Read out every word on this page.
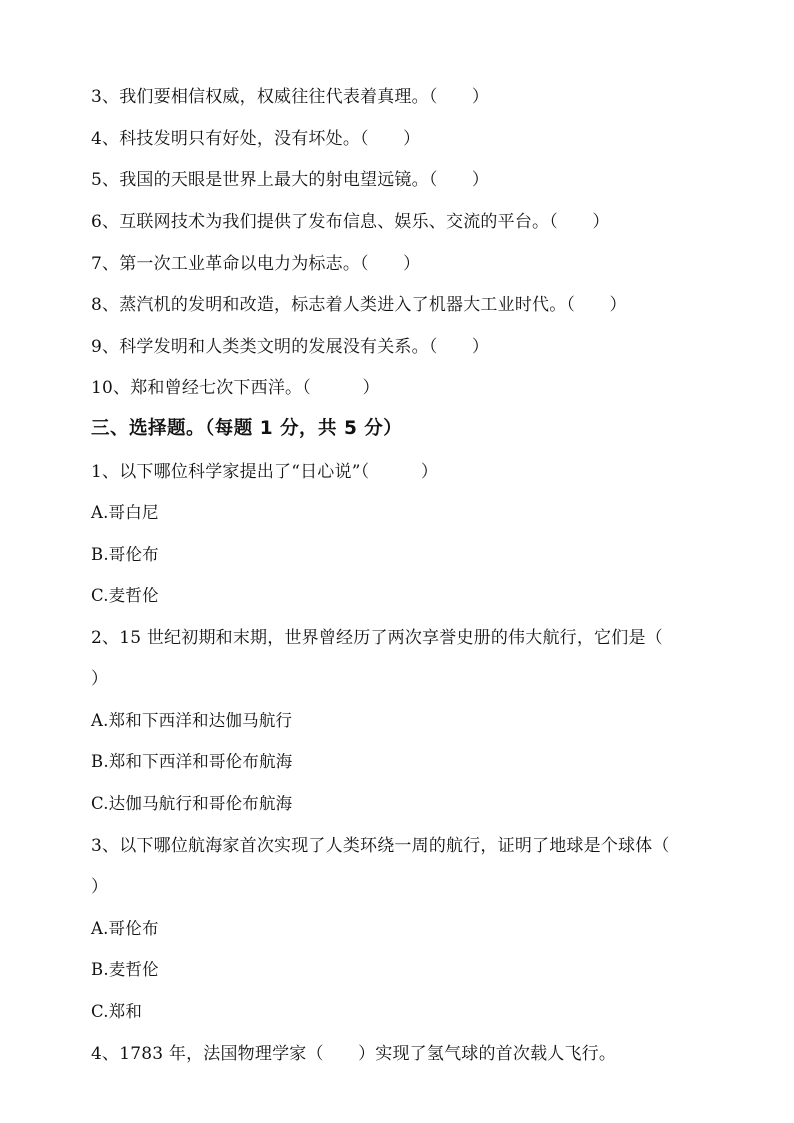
3、我们要相信权威，权威往往代表着真理。（　　）
4、科技发明只有好处，没有坏处。（　　）
5、我国的天眼是世界上最大的射电望远镜。（　　）
6、互联网技术为我们提供了发布信息、娱乐、交流的平台。（　　）
7、第一次工业革命以电力为标志。（　　）
8、蒸汽机的发明和改造，标志着人类进入了机器大工业时代。（　　）
9、科学发明和人类类文明的发展没有关系。（　　）
10、郑和曾经七次下西洋。（　　　）
三、选择题。（每题 1 分，共 5 分）
1、以下哪位科学家提出了“日心说”（　　　）
A.哥白尼
B.哥伦布
C.麦哲伦
2、15 世纪初期和末期，世界曾经历了两次享誉史册的伟大航行，它们是（
）
A.郑和下西洋和达伽马航行
B.郑和下西洋和哥伦布航海
C.达伽马航行和哥伦布航海
3、以下哪位航海家首次实现了人类环绕一周的航行，证明了地球是个球体（
）
A.哥伦布
B.麦哲伦
C.郑和
4、1783 年，法国物理学家（　　）实现了氢气球的首次载人飞行。
